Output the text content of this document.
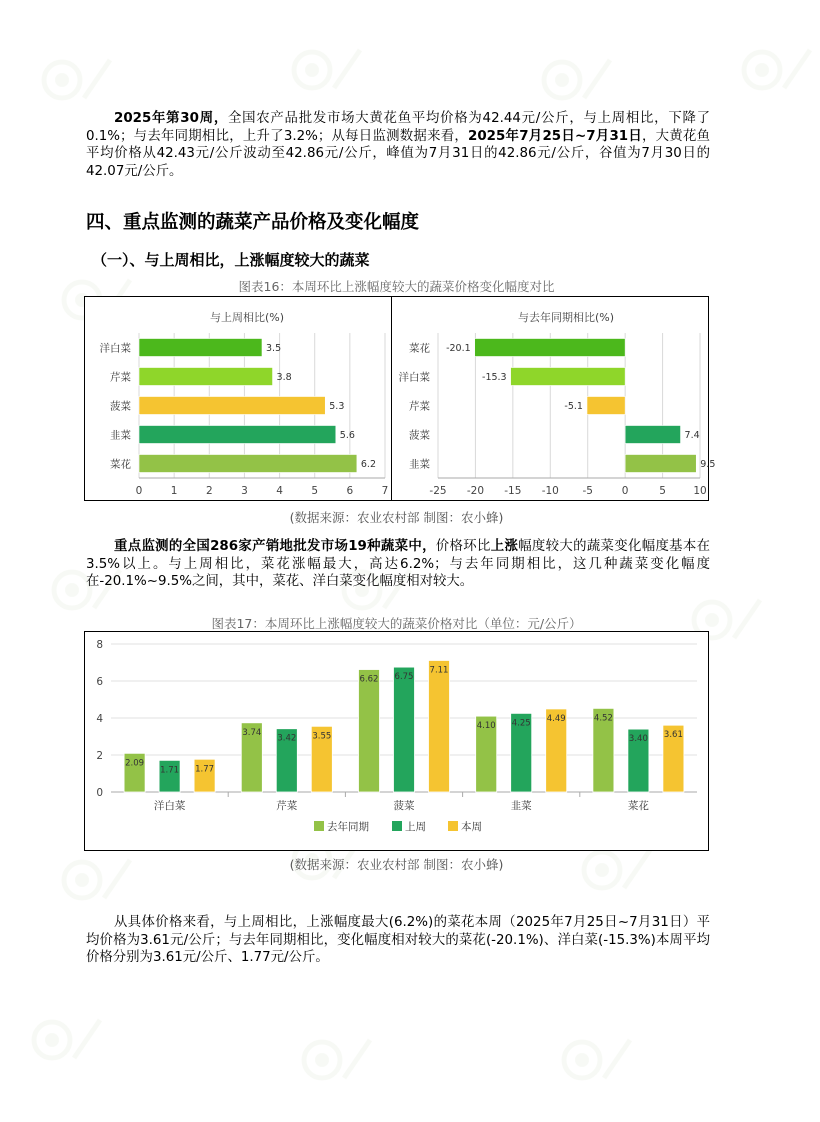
2025年第30周，全国农产品批发市场大黄花鱼平均价格为42.44元/公斤，与上周相比，下降了0.1%；与去年同期相比，上升了3.2%；从每日监测数据来看，2025年7月25日~7月31日，大黄花鱼平均价格从42.43元/公斤波动至42.86元/公斤，峰值为7月31日的42.86元/公斤，谷值为7月30日的42.07元/公斤。

四、重点监测的蔬菜产品价格及变化幅度
（一）、与上周相比，上涨幅度较大的蔬菜

图表16：本周环比上涨幅度较大的蔬菜价格变化幅度对比

与上周相比(%)
0	1	2	3	4	5	6	7
洋白菜	3.5
芹菜	3.8
菠菜	5.3
韭菜	5.6
菜花	6.2
与去年同期相比(%)
-25 -20 -15 -10 -5	0	5	10
菜花 -20.1
洋白菜	-15.3
芹菜	-5.1
菠菜	7.4
韭菜	9.5

(数据来源：农业农村部 制图：农小蜂)

重点监测的全国286家产销地批发市场19种蔬菜中，价格环比上涨幅度较大的蔬菜变化幅度基本在3.5%以上。与上周相比，菜花涨幅最大，高达6.2%；与去年同期相比，这几种蔬菜变化幅度在-20.1%~9.5%之间，其中，菜花、洋白菜变化幅度相对较大。

图表17：本周环比上涨幅度较大的蔬菜价格对比（单位：元/公斤）

0
2
4
6
8
洋白菜
2.09
1.71 1.77
芹菜
3.74
3.42 3.55
菠菜
6.62 6.75
7.11
韭菜
4.10 4.25 4.49
菜花
4.52
3.40 3.61
去年同期	上周	本周

(数据来源：农业农村部 制图：农小蜂)

从具体价格来看，与上周相比，上涨幅度最大(6.2%)的菜花本周（2025年7月25日~7月31日）平均价格为3.61元/公斤；与去年同期相比，变化幅度相对较大的菜花(-20.1%)、洋白菜(-15.3%)本周平均价格分别为3.61元/公斤、1.77元/公斤。
